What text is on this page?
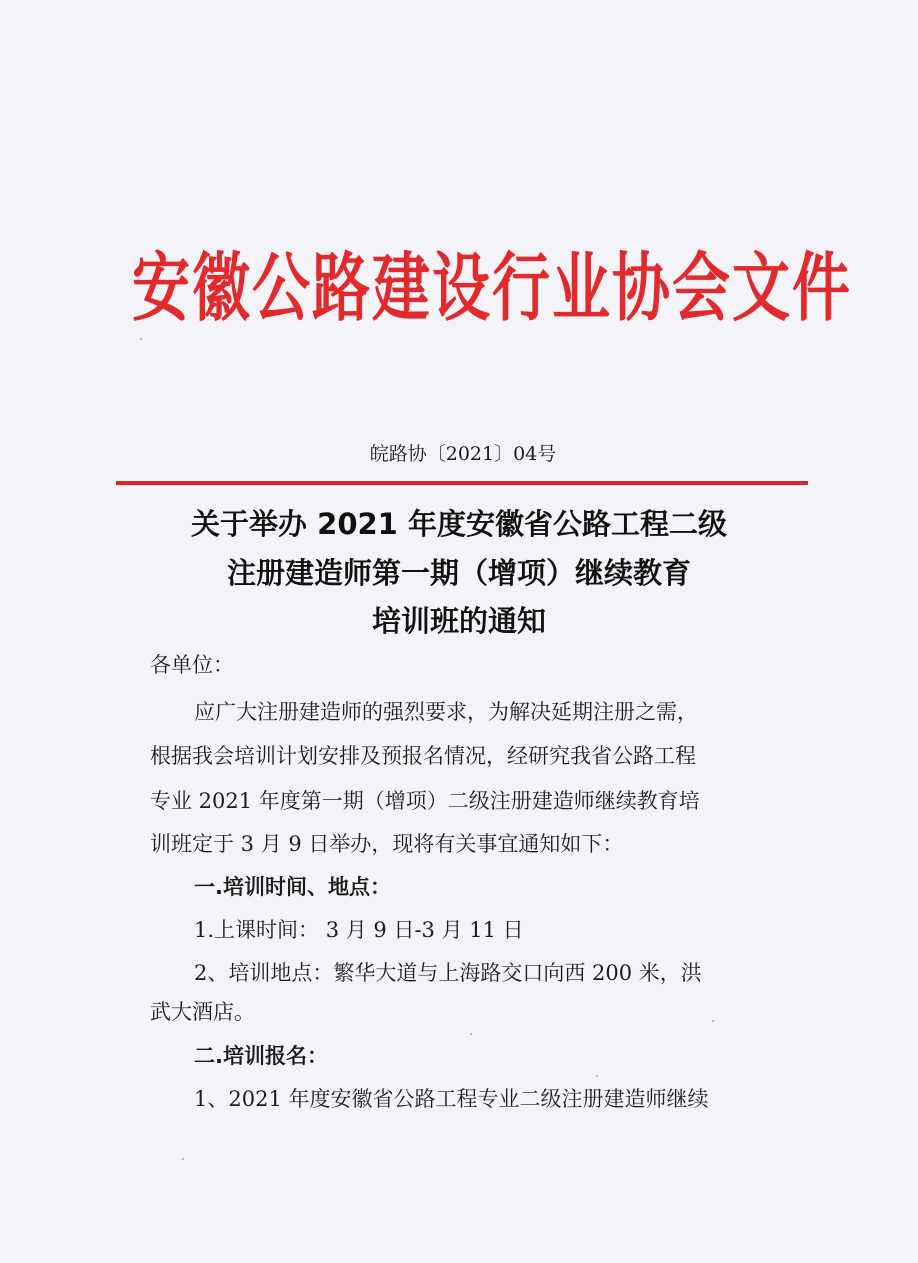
安徽公路建设行业协会文件
皖路协〔2021〕04号
关于举办 2021 年度安徽省公路工程二级
注册建造师第一期（增项）继续教育
培训班的通知
各单位：
应广大注册建造师的强烈要求，为解决延期注册之需，
根据我会培训计划安排及预报名情况，经研究我省公路工程
专业 2021 年度第一期（增项）二级注册建造师继续教育培
训班定于 3 月 9 日举办，现将有关事宜通知如下：
一.培训时间、地点：
1.上课时间： 3 月 9 日-3 月 11 日
2、培训地点：繁华大道与上海路交口向西 200 米，洪
武大酒店。
二.培训报名：
1、2021 年度安徽省公路工程专业二级注册建造师继续
